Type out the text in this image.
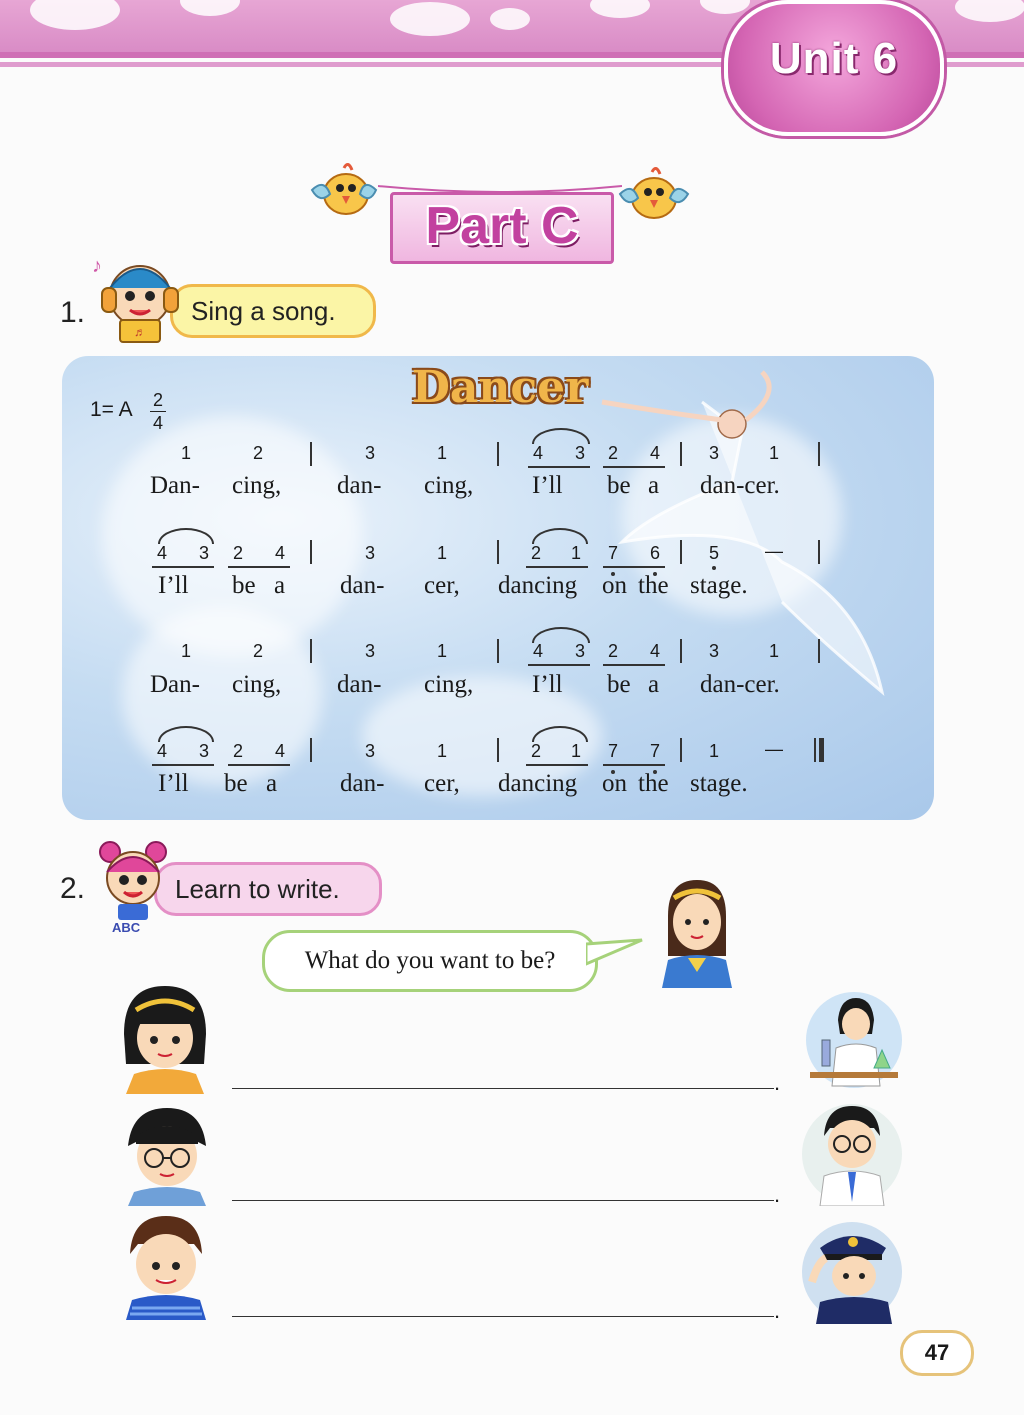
Unit 6
Part C
1.	Sing a song.
♬
♪
Dancer
1= A 2
4
1	2	3	1	4 3 2 4	3	1
Dan- cing, dan- cing, I’ll be a dan-cer.
4 3 2 4	3	1	2 1 7 6	5	—
I’ll be a dan- cer, dancing on the stage.
1	2	3	1	4 3 2 4	3	1
Dan- cing, dan- cing, I’ll be a dan-cer.
4 3 2 4	3	1	2 1 7 7	1	—
I’ll be a	dan- cer, dancing on the stage.
2.	Learn to write.
ABC
What do you want to be?
.
.
.
47
